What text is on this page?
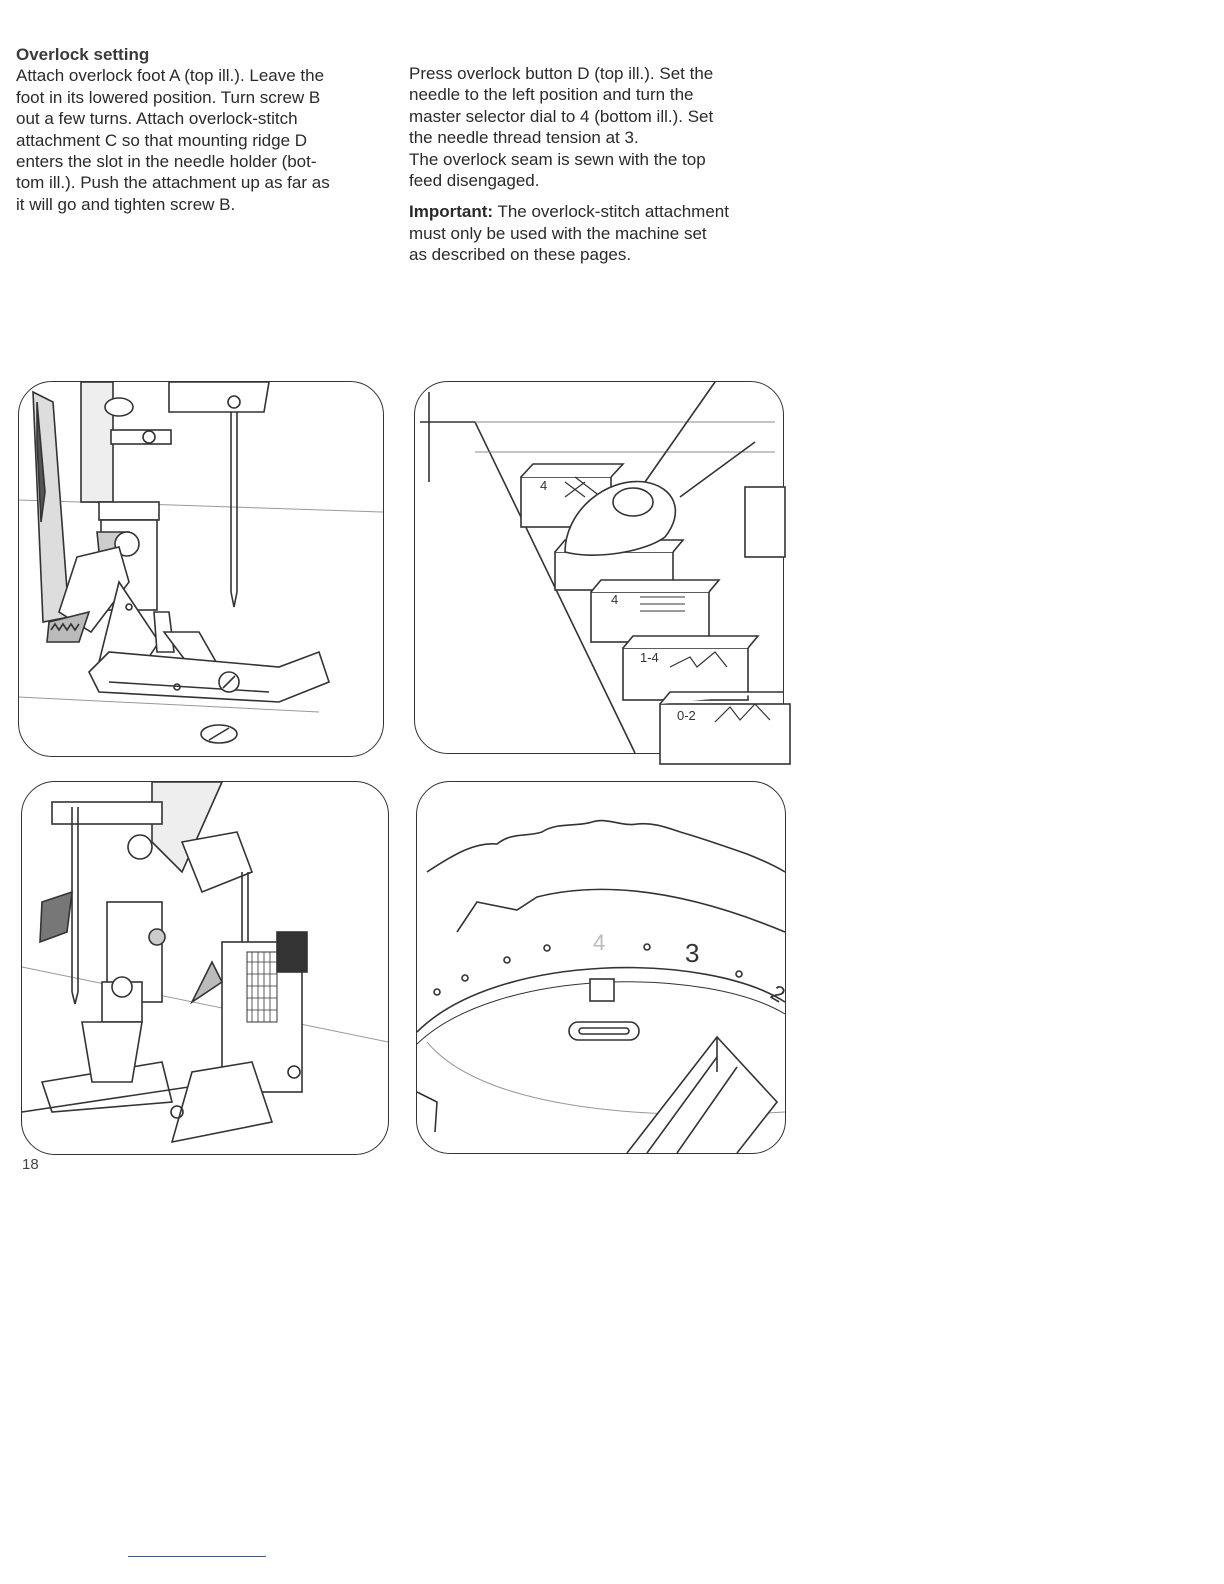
Overlock setting

Attach overlock foot A (top ill.). Leave the
foot in its lowered position. Turn screw B
out a few turns. Attach overlock-stitch
attachment C so that mounting ridge D
enters the slot in the needle holder (bot-
tom ill.). Push the attachment up as far as
it will go and tighten screw B.

Press overlock button D (top ill.). Set the
needle to the left position and turn the
master selector dial to 4 (bottom ill.). Set
the needle thread tension at 3.
The overlock seam is sewn with the top
feed disengaged.

Important: The overlock-stitch attachment
must only be used with the machine set
as described on these pages.

4
4
1-4
0-2
4	3
2
18
